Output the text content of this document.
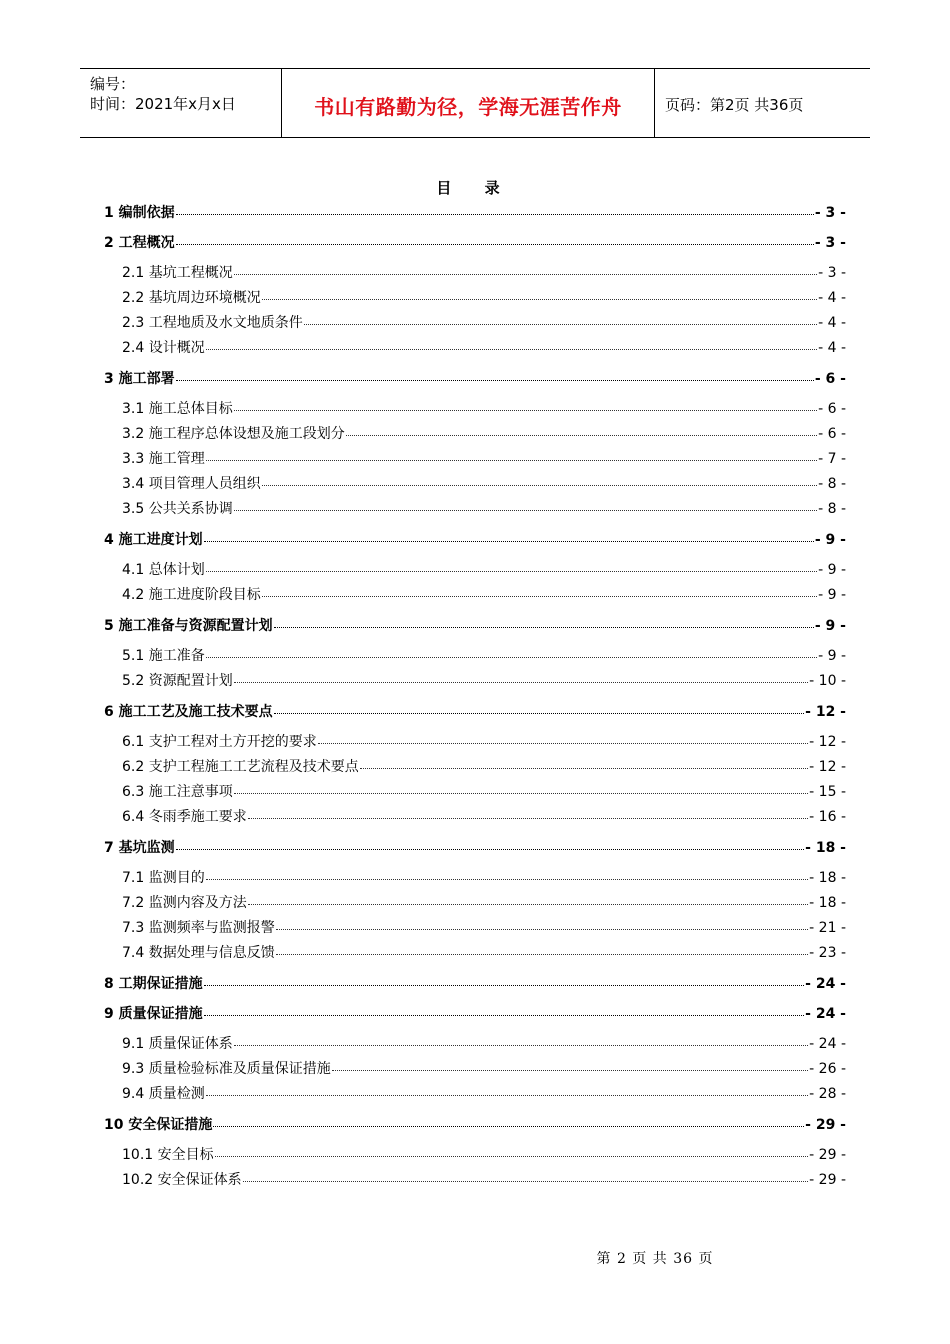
编号：
时间：2021年x月x日	书山有路勤为径，学海无涯苦作舟	页码：第2页 共36页
目 录
1 编制依据	- 3 -
2 工程概况	- 3 -
2.1 基坑工程概况	- 3 -
2.2 基坑周边环境概况	- 4 -
2.3 工程地质及水文地质条件	- 4 -
2.4 设计概况	- 4 -
3 施工部署	- 6 -
3.1 施工总体目标	- 6 -
3.2 施工程序总体设想及施工段划分	- 6 -
3.3 施工管理	- 7 -
3.4 项目管理人员组织	- 8 -
3.5 公共关系协调	- 8 -
4 施工进度计划	- 9 -
4.1 总体计划	- 9 -
4.2 施工进度阶段目标	- 9 -
5 施工准备与资源配置计划	- 9 -
5.1 施工准备	- 9 -
5.2 资源配置计划	- 10 -
6 施工工艺及施工技术要点	- 12 -
6.1 支护工程对土方开挖的要求	- 12 -
6.2 支护工程施工工艺流程及技术要点	- 12 -
6.3 施工注意事项	- 15 -
6.4 冬雨季施工要求	- 16 -
7 基坑监测	- 18 -
7.1 监测目的	- 18 -
7.2 监测内容及方法	- 18 -
7.3 监测频率与监测报警	- 21 -
7.4 数据处理与信息反馈	- 23 -
8 工期保证措施	- 24 -
9 质量保证措施	- 24 -
9.1 质量保证体系	- 24 -
9.3 质量检验标准及质量保证措施	- 26 -
9.4 质量检测	- 28 -
10 安全保证措施	- 29 -
10.1 安全目标	- 29 -
10.2 安全保证体系	- 29 -
第 2 页 共 36 页
